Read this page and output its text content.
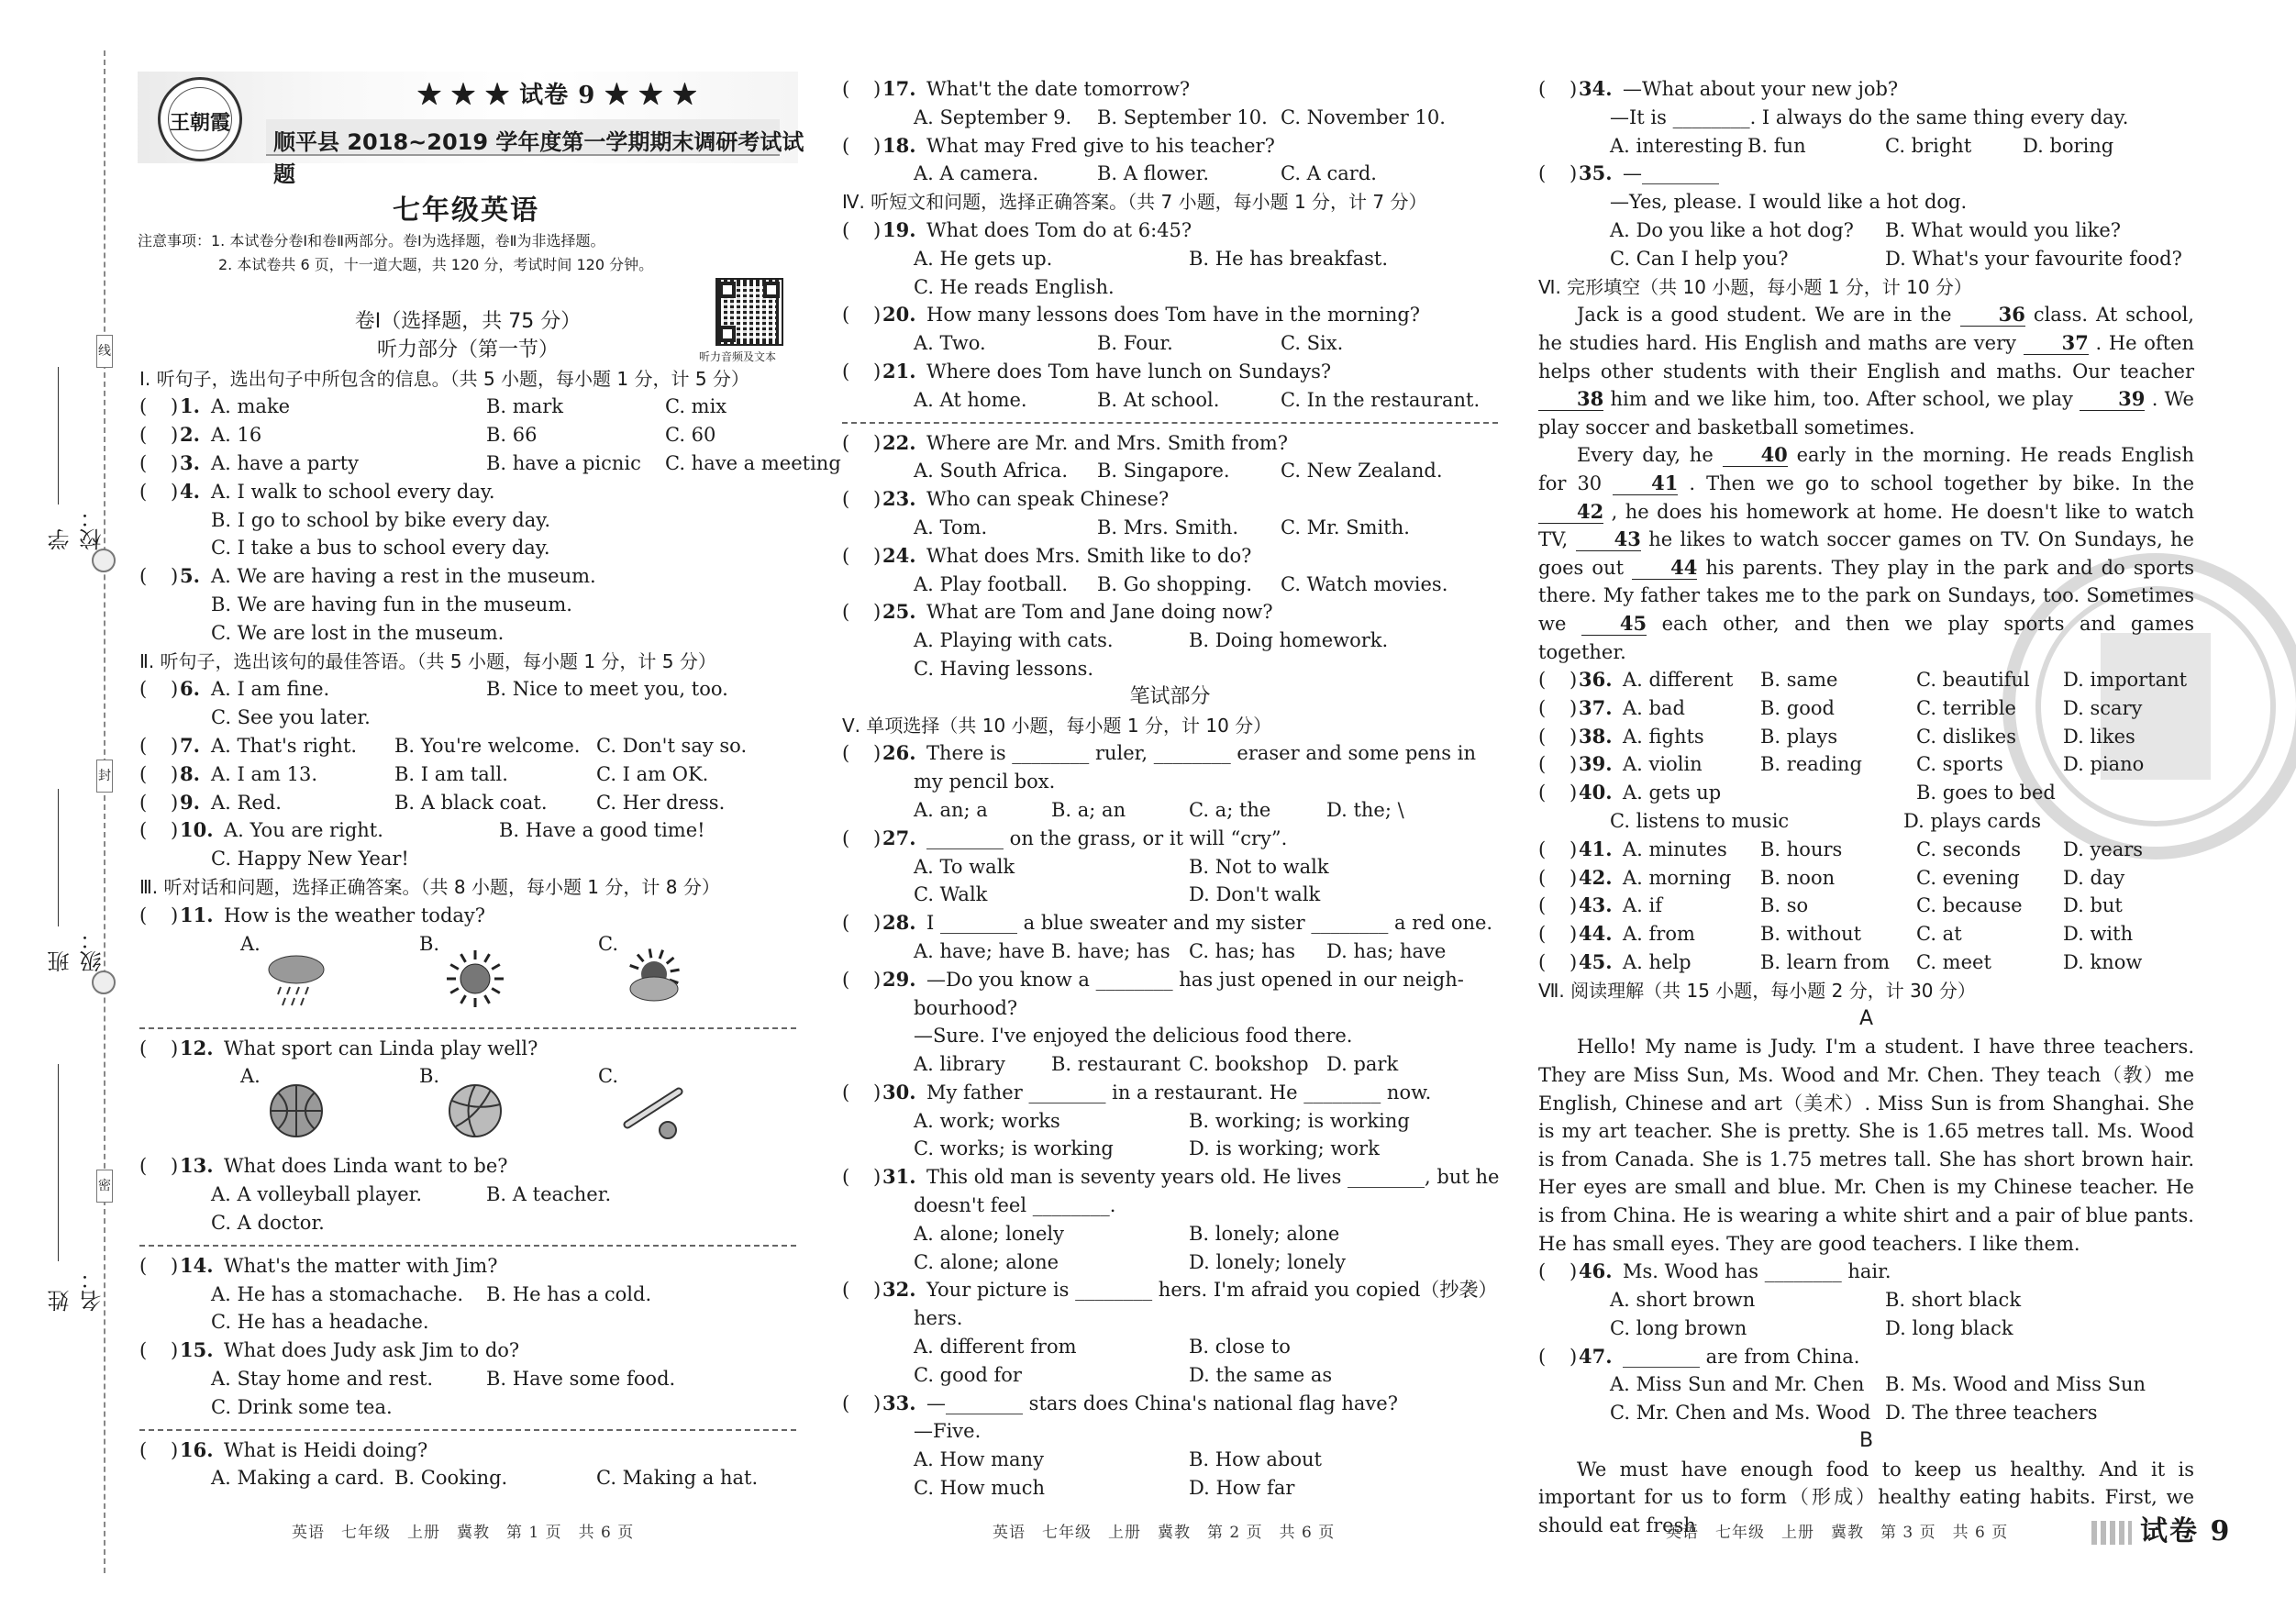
线
封
密
学校：
班级：
姓名：
王朝霞
★ ★ ★ 试卷 9 ★ ★ ★
顺平县 2018~2019 学年度第一学期期末调研考试试题
七年级英语
注意事项：1. 本试卷分卷Ⅰ和卷Ⅱ两部分。卷Ⅰ为选择题，卷Ⅱ为非选择题。
2. 本试卷共 6 页，十一道大题，共 120 分，考试时间 120 分钟。
听力音频及文本
卷Ⅰ（选择题，共 75 分）
听力部分（第一节）
Ⅰ. 听句子，选出句子中所包含的信息。（共 5 小题，每小题 1 分，计 5 分）
( ) 1. A. make	B. mark	C. mix
( ) 2. A. 16	B. 66	C. 60
( ) 3. A. have a party	B. have a picnic C. have a meeting
( ) 4. A. I walk to school every day.
B. I go to school by bike every day.
C. I take a bus to school every day.
( ) 5. A. We are having a rest in the museum.
B. We are having fun in the museum.
C. We are lost in the museum.
Ⅱ. 听句子，选出该句的最佳答语。（共 5 小题，每小题 1 分，计 5 分）
( ) 6. A. I am fine.	B. Nice to meet you, too.
C. See you later.
( ) 7. A. That's right. B. You're welcome. C. Don't say so.
( ) 8. A. I am 13.	B. I am tall.	C. I am OK.
( ) 9. A. Red.	B. A black coat.	C. Her dress.
( ) 10. A. You are right.	B. Have a good time!
C. Happy New Year!
Ⅲ. 听对话和问题，选择正确答案。（共 8 小题，每小题 1 分，计 8 分）
( ) 11. How is the weather today?
A.	B.	C.
( ) 12. What sport can Linda play well?
A.	B.	C.
( ) 13. What does Linda want to be?
A. A volleyball player.	B. A teacher.
C. A doctor.
( ) 14. What's the matter with Jim?
A. He has a stomachache. B. He has a cold.
C. He has a headache.
( ) 15. What does Judy ask Jim to do?
A. Stay home and rest.	B. Have some food.
C. Drink some tea.
( ) 16. What is Heidi doing?
A. Making a card. B. Cooking.	C. Making a hat.
( ) 17. What't the date tomorrow?
A. September 9. B. September 10. C. November 10.
( ) 18. What may Fred give to his teacher?
A. A camera.	B. A flower.	C. A card.
Ⅳ. 听短文和问题，选择正确答案。（共 7 小题，每小题 1 分，计 7 分）
( ) 19. What does Tom do at 6:45?
A. He gets up.	B. He has breakfast.
C. He reads English.
( ) 20. How many lessons does Tom have in the morning?
A. Two.	B. Four.	C. Six.
( ) 21. Where does Tom have lunch on Sundays?
A. At home.	B. At school.	C. In the restaurant.
( ) 22. Where are Mr. and Mrs. Smith from?
A. South Africa. B. Singapore.	C. New Zealand.
( ) 23. Who can speak Chinese?
A. Tom.	B. Mrs. Smith. C. Mr. Smith.
( ) 24. What does Mrs. Smith like to do?
A. Play football. B. Go shopping. C. Watch movies.
( ) 25. What are Tom and Jane doing now?
A. Playing with cats.	B. Doing homework.
C. Having lessons.
笔试部分
Ⅴ. 单项选择（共 10 小题，每小题 1 分，计 10 分）
( ) 26. There is ________ ruler, ________ eraser and some pens in
my pencil box.
A. an; a	B. a; an	C. a; the	D. the; \
( ) 27. ________ on the grass, or it will “cry”.
A. To walk	B. Not to walk
C. Walk	D. Don't walk
( ) 28. I ________ a blue sweater and my sister ________ a red one.
A. have; have B. have; has C. has; has D. has; have
( ) 29. —Do you know a ________ has just opened in our neigh-
bourhood?
—Sure. I've enjoyed the delicious food there.
A. library B. restaurant C. bookshop D. park
( ) 30. My father ________ in a restaurant. He ________ now.
A. work; works	B. working; is working
C. works; is working	D. is working; work
( ) 31. This old man is seventy years old. He lives ________, but he
doesn't feel ________.
A. alone; lonely	B. lonely; alone
C. alone; alone	D. lonely; lonely
( ) 32. Your picture is ________ hers. I'm afraid you copied（抄袭）
hers.
A. different from	B. close to
C. good for	D. the same as
( ) 33. —________ stars does China's national flag have?
—Five.
A. How many	B. How about
C. How much	D. How far
( ) 34. —What about your new job?
—It is ________. I always do the same thing every day.
A. interesting B. fun	C. bright	D. boring
( ) 35. —________
—Yes, please. I would like a hot dog.
A. Do you like a hot dog? B. What would you like?
C. Can I help you?	D. What's your favourite food?
Ⅵ. 完形填空（共 10 小题，每小题 1 分，计 10 分）
Jack is a good student. We are in the 36 class. At school, he studies hard. His English and maths are very 37 . He often helps other students with their English and maths. Our teacher 38 him and we like him, too. After school, we play 39 . We play soccer and basketball sometimes.
Every day, he 40 early in the morning. He reads English for 30	41 . Then we go to school together by bike. In the 42 , he does his homework at home. He doesn't like to watch TV, 43 he likes to watch soccer games on TV. On Sundays, he goes out 44 his parents. They play in the park and do sports there. My father takes me to the park on Sundays, too. Sometimes we	45 each other, and then we play sports and games together.
( ) 36. A. different B. same	C. beautiful D. important
( ) 37. A. bad	B. good	C. terrible D. scary
( ) 38. A. fights	B. plays	C. dislikes D. likes
( ) 39. A. violin	B. reading	C. sports	D. piano
( ) 40. A. gets up	B. goes to bed
C. listens to music	D. plays cards
( ) 41. A. minutes B. hours	C. seconds D. years
( ) 42. A. morning B. noon	C. evening D. day
( ) 43. A. if	B. so	C. because D. but
( ) 44. A. from	B. without	C. at	D. with
( ) 45. A. help	B. learn from C. meet	D. know
Ⅶ. 阅读理解（共 15 小题，每小题 2 分，计 30 分）
A
Hello! My name is Judy. I'm a student. I have three teachers. They are Miss Sun, Ms. Wood and Mr. Chen. They teach（教）me English, Chinese and art（美术）. Miss Sun is from Shanghai. She is my art teacher. She is pretty. She is 1.65 metres tall. Ms. Wood is from Canada. She is 1.75 metres tall. She has short brown hair. Her eyes are small and blue. Mr. Chen is my Chinese teacher. He is from China. He is wearing a white shirt and a pair of blue pants. He has small eyes. They are good teachers. I like them.
( ) 46. Ms. Wood has ________ hair.
A. short brown	B. short black
C. long brown	D. long black
( ) 47. ________ are from China.
A. Miss Sun and Mr. Chen B. Ms. Wood and Miss Sun
C. Mr. Chen and Ms. Wood D. The three teachers
B
We must have enough food to keep us healthy. And it is important for us to form（形成）healthy eating habits. First, we should eat fresh
英语　七年级　上册　冀教　第 1 页　共 6 页	英语　七年级　上册　冀教　第 2 页　共 6 页	英语　七年级　上册　冀教　第 3 页　共 6 页	试卷 9
